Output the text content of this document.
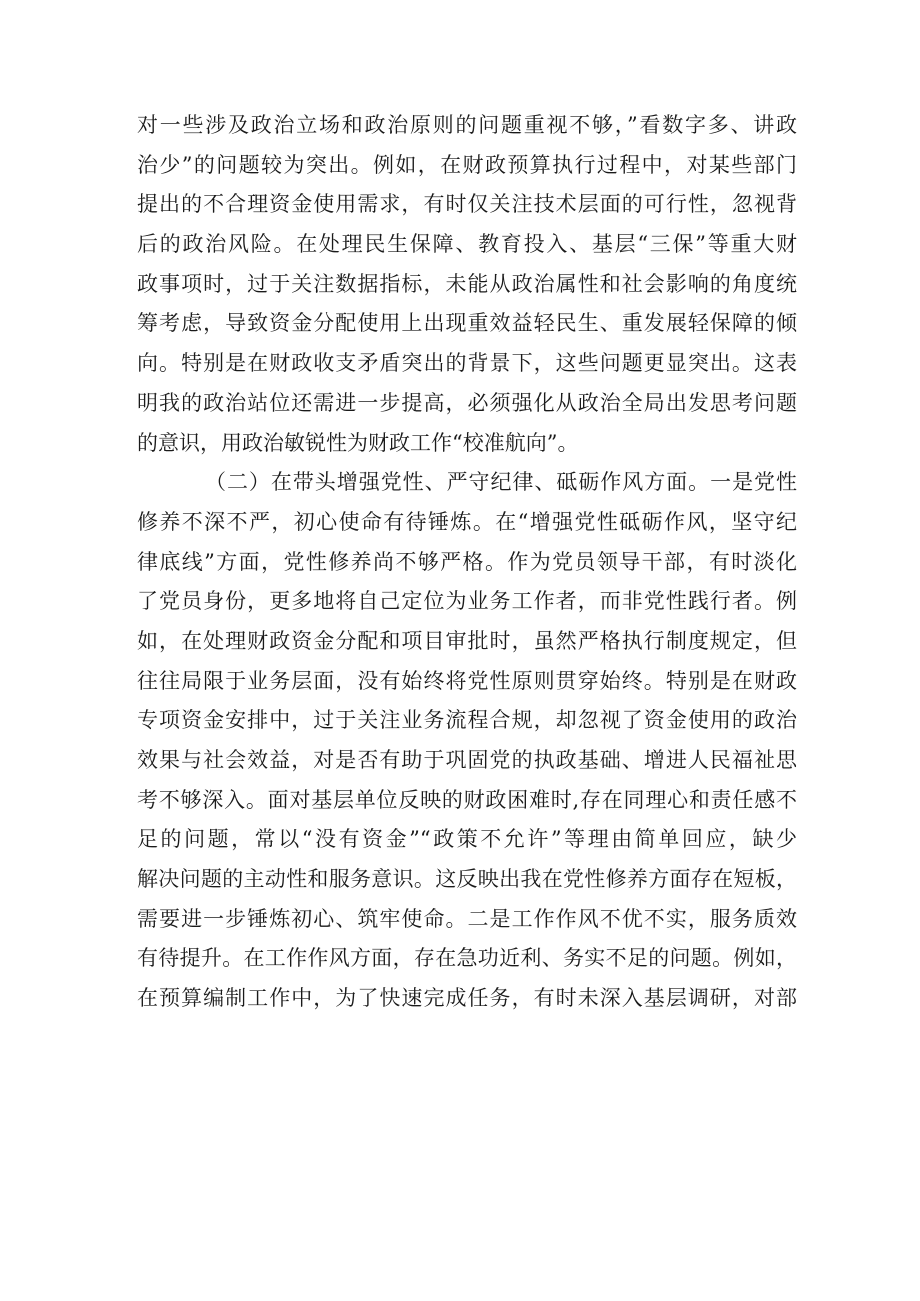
对一些涉及政治立场和政治原则的问题重视不够，”看数字多、讲政
治少”的问题较为突出。例如，在财政预算执行过程中，对某些部门
提出的不合理资金使用需求，有时仅关注技术层面的可行性，忽视背
后的政治风险。在处理民生保障、教育投入、基层“三保”等重大财
政事项时，过于关注数据指标，未能从政治属性和社会影响的角度统
筹考虑，导致资金分配使用上出现重效益轻民生、重发展轻保障的倾
向。特别是在财政收支矛盾突出的背景下，这些问题更显突出。这表
明我的政治站位还需进一步提高，必须强化从政治全局出发思考问题
的意识，用政治敏锐性为财政工作“校准航向”。
（二）在带头增强党性、严守纪律、砥砺作风方面。一是党性
修养不深不严，初心使命有待锤炼。在“增强党性砥砺作风，坚守纪
律底线”方面，党性修养尚不够严格。作为党员领导干部，有时淡化
了党员身份，更多地将自己定位为业务工作者，而非党性践行者。例
如，在处理财政资金分配和项目审批时，虽然严格执行制度规定，但
往往局限于业务层面，没有始终将党性原则贯穿始终。特别是在财政
专项资金安排中，过于关注业务流程合规，却忽视了资金使用的政治
效果与社会效益，对是否有助于巩固党的执政基础、增进人民福祉思
考不够深入。面对基层单位反映的财政困难时,存在同理心和责任感不
足的问题，常以“没有资金”“政策不允许”等理由简单回应，缺少
解决问题的主动性和服务意识。这反映出我在党性修养方面存在短板，
需要进一步锤炼初心、筑牢使命。二是工作作风不优不实，服务质效
有待提升。在工作作风方面，存在急功近利、务实不足的问题。例如，
在预算编制工作中，为了快速完成任务，有时未深入基层调研，对部
